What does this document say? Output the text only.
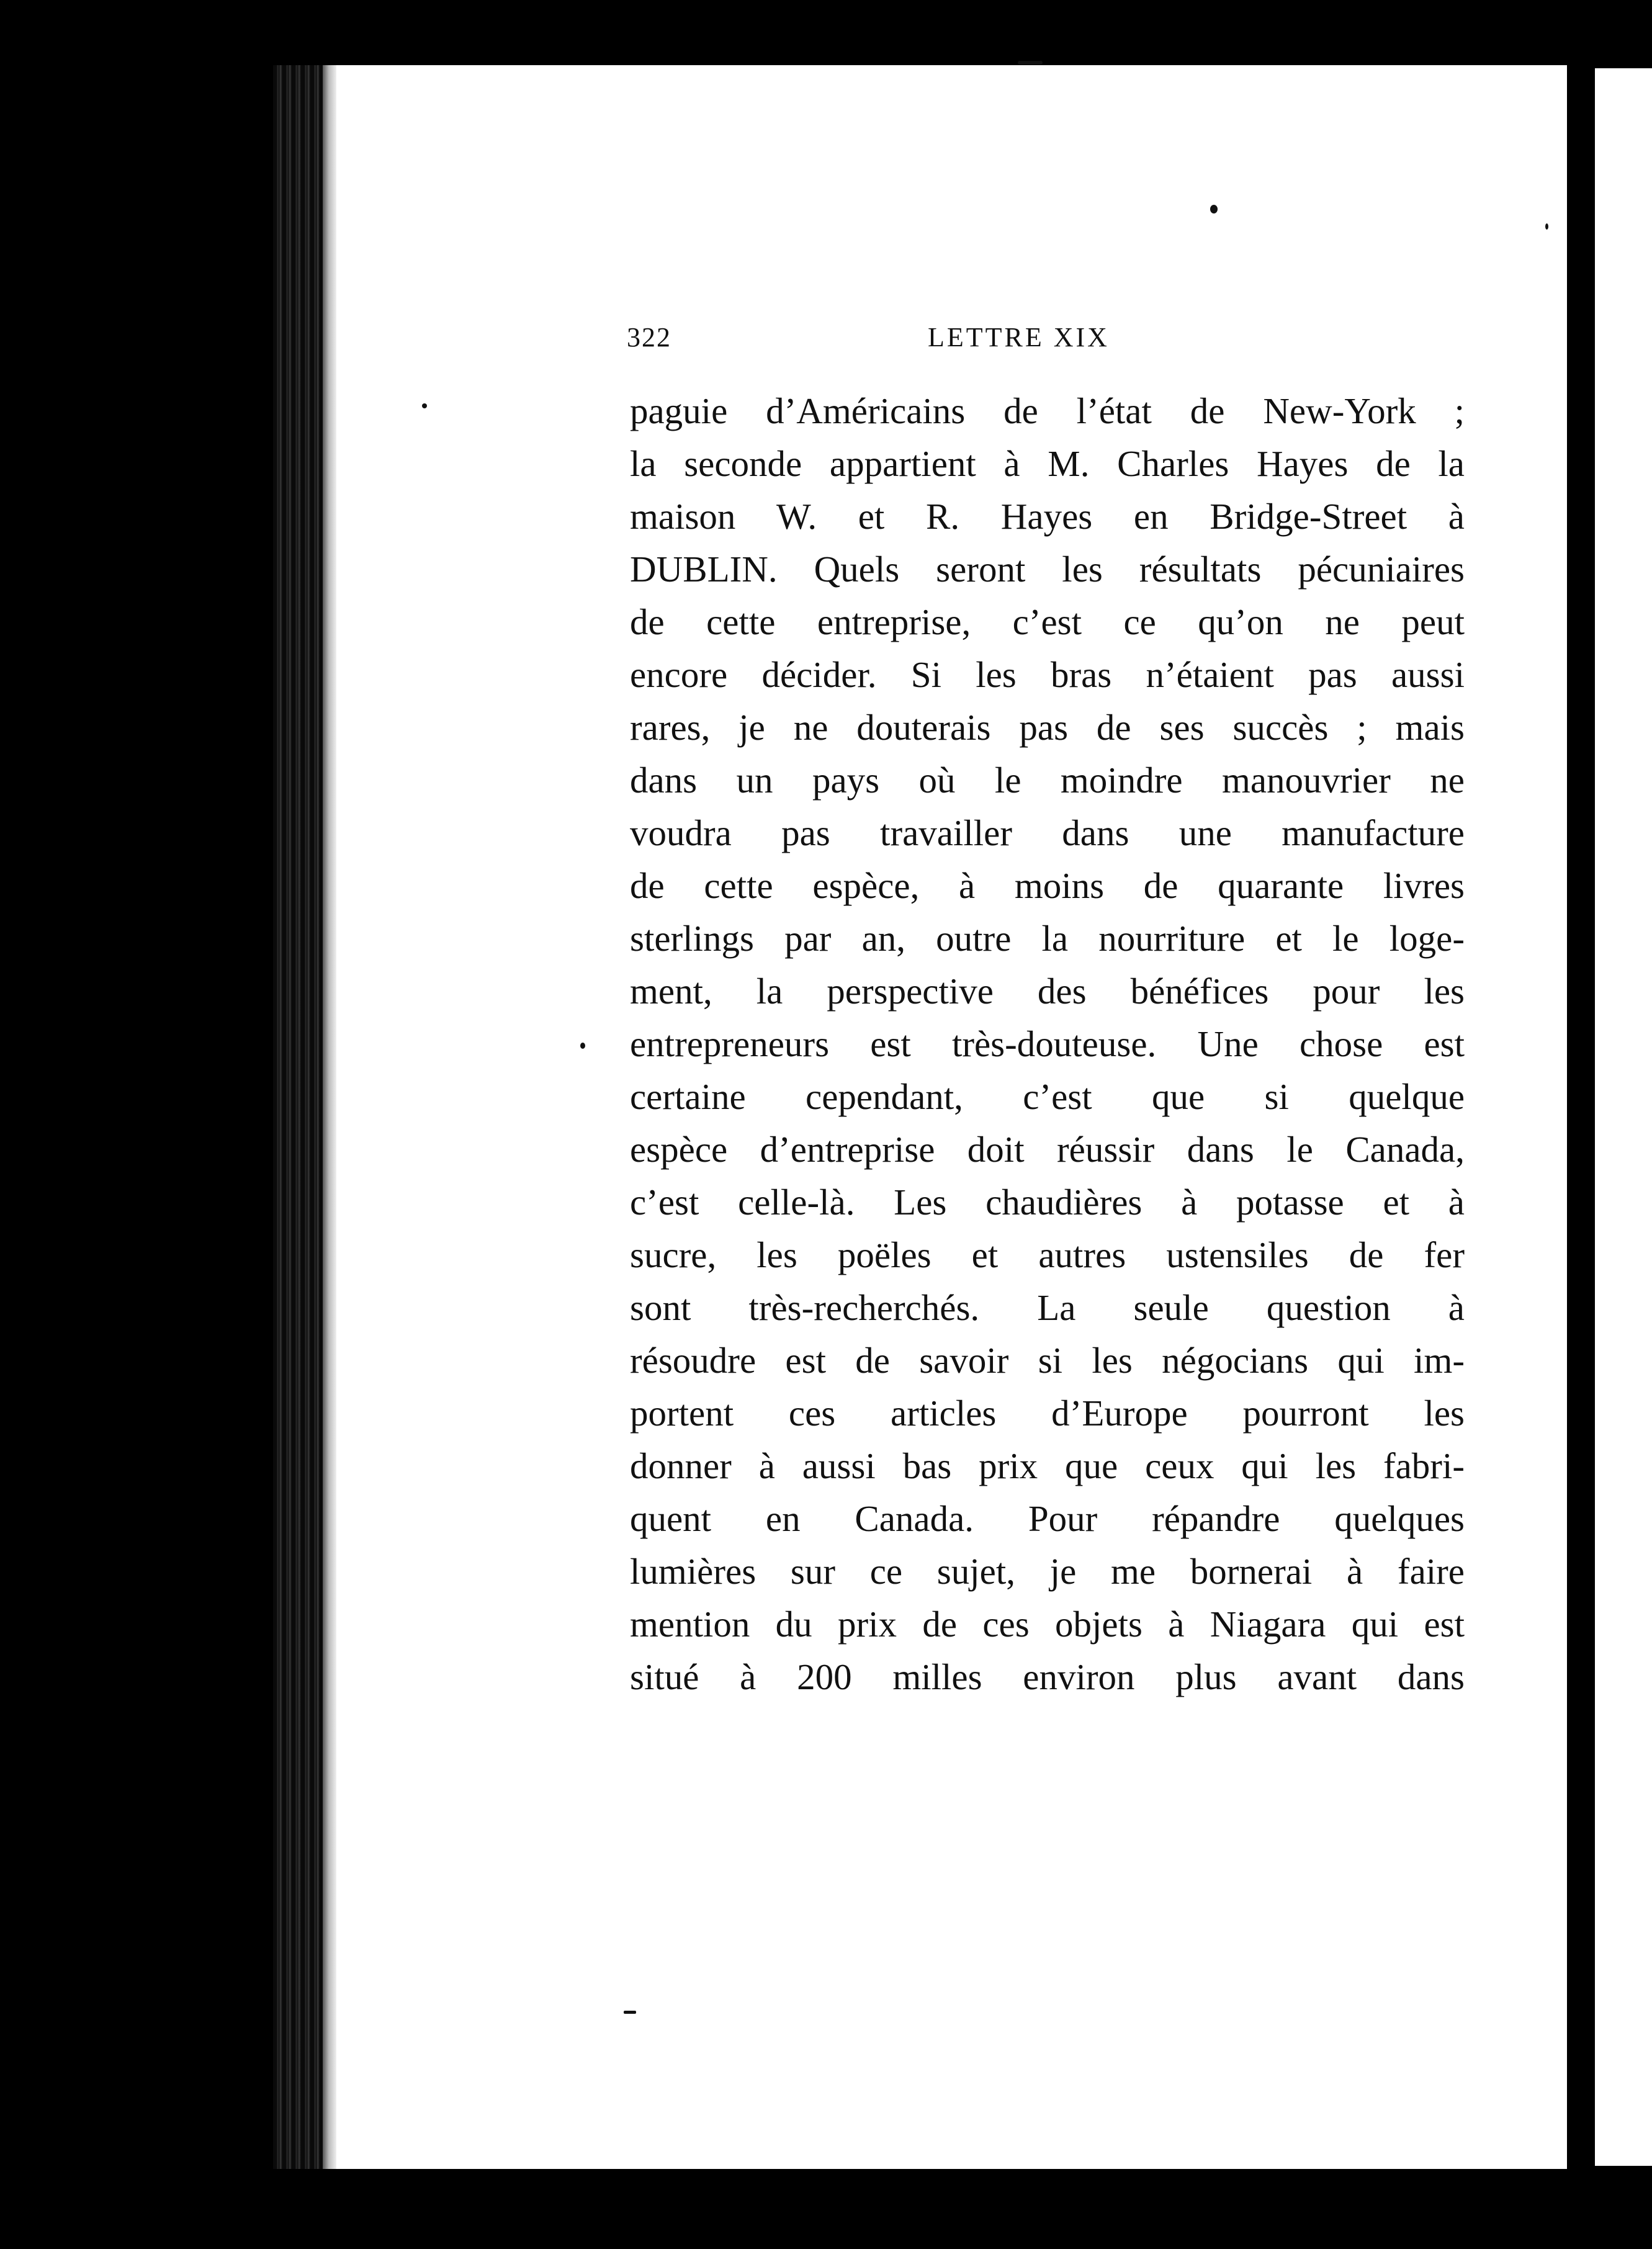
322	LETTRE XIX
paguie d’Américains de l’état de New-York ;
la seconde appartient à M. Charles Hayes de la
maison W. et R. Hayes en Bridge-Street à
DUBLIN. Quels seront les résultats pécuniaires
de cette entreprise, c’est ce qu’on ne peut
encore décider. Si les bras n’étaient pas aussi
rares, je ne douterais pas de ses succès ; mais
dans un pays où le moindre manouvrier ne
voudra pas travailler dans une manufacture
de cette espèce, à moins de quarante livres
sterlings par an, outre la nourriture et le loge-
ment, la perspective des bénéfices pour les
entrepreneurs est très-douteuse. Une chose est
certaine cependant, c’est que si quelque
espèce d’entreprise doit réussir dans le Canada,
c’est celle-là. Les chaudières à potasse et à
sucre, les poëles et autres ustensiles de fer
sont très-recherchés. La seule question à
résoudre est de savoir si les négocians qui im-
portent ces articles d’Europe pourront les
donner à aussi bas prix que ceux qui les fabri-
quent en Canada. Pour répandre quelques
lumières sur ce sujet, je me bornerai à faire
mention du prix de ces objets à Niagara qui est
situé à 200 milles environ plus avant dans
